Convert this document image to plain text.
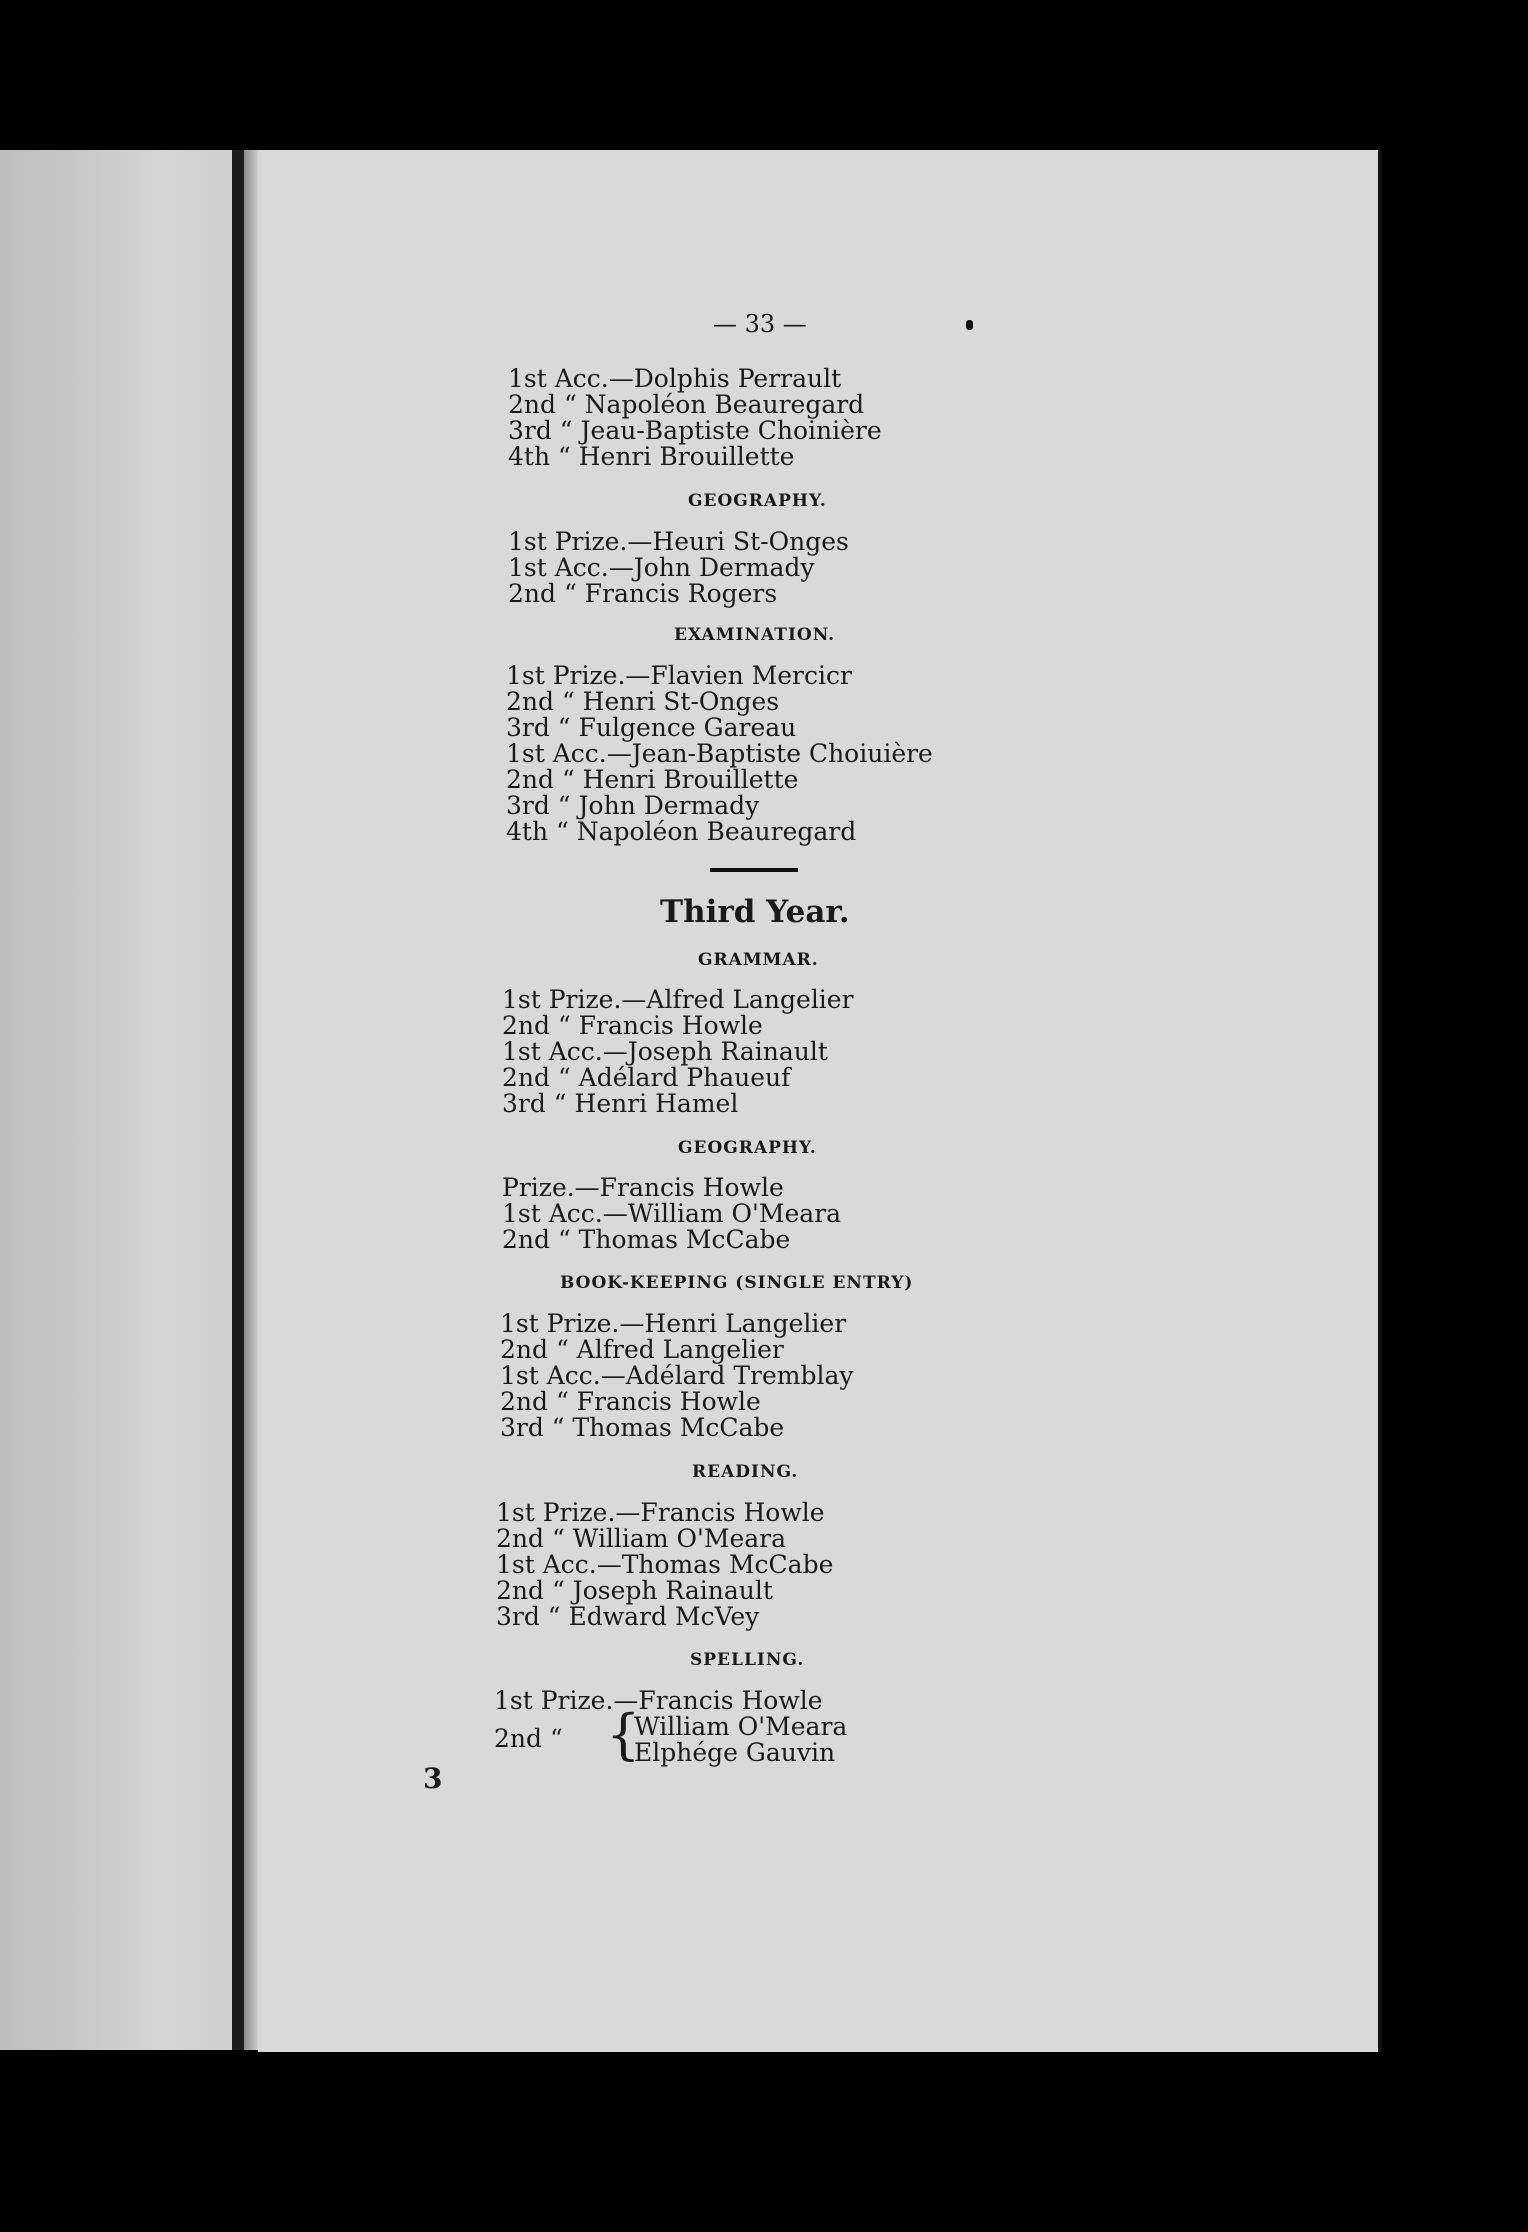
— 33 —
1st Acc.—Dolphis Perrault
2nd “ Napoléon Beauregard
3rd “ Jeau-Baptiste Choinière
4th “ Henri Brouillette
GEOGRAPHY.
1st Prize.—Heuri St-Onges
1st Acc.—John Dermady
2nd “ Francis Rogers
EXAMINATION.
1st Prize.—Flavien Mercicr
2nd “ Henri St-Onges
3rd “ Fulgence Gareau
1st Acc.—Jean-Baptiste Choiuière
2nd “ Henri Brouillette
3rd “ John Dermady
4th “ Napoléon Beauregard
Third Year.
GRAMMAR.
1st Prize.—Alfred Langelier
2nd “ Francis Howle
1st Acc.—Joseph Rainault
2nd “ Adélard Phaueuf
3rd “ Henri Hamel
GEOGRAPHY.
Prize.—Francis Howle
1st Acc.—William O'Meara
2nd “ Thomas McCabe
BOOK-KEEPING (SINGLE ENTRY)
1st Prize.—Henri Langelier
2nd “ Alfred Langelier
1st Acc.—Adélard Tremblay
2nd “ Francis Howle
3rd “ Thomas McCabe
READING.
1st Prize.—Francis Howle
2nd “ William O'Meara
1st Acc.—Thomas McCabe
2nd “ Joseph Rainault
3rd “ Edward McVey
SPELLING.
1st Prize.—Francis Howle
2nd “ {
William O'Meara
Elphége Gauvin
3
